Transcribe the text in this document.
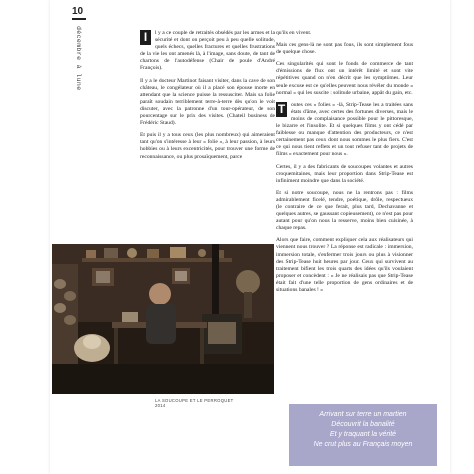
10
décembre à lune	I	l y a ce couple de retraités obsédés par les armes et la sécurité et dont on perçoit peu à peu quelle solitude, quels échecs, quelles fractures et quelles frustrations de la vie les ont amenés là, à l'image, sans doute, de tant de chartons de l'autodéfense (Chair de poule d'André François).

Il y a le docteur Martinot faisant visiter, dans la cave de son château, le congélateur où il a placé son épouse morte en attendant que la science puisse la ressusciter. Mais sa folie paraît soudain terriblement terre-à-terre dès qu'on le voit discuter, avec la patronne d'un tour-opérateur, de son pourcentage sur le prix des visites. (Chateil business de Frédéric Staud).

Et puis il y a tous ceux (les plus nombreux) qui aimeraient tant qu'on s'intéresse à leur « folie », à leur passion, à leurs hobbies ou à leurs excentricités, pour trouver une forme de reconnaissance, ou plus prosaïquement, parce

qu'ils en vivent.

Mais ces gens-là ne sont pas fous, ils sont simplement fous de quelque chose.

Ces singularités qui sont le fonds de commerce de tant d'émissions de flux ont un intérêt limité et sont vite répétitives quand on n'en décrit que les symptômes. Leur seule excuse est ce qu'elles peuvent nous révéler du monde « normal » qui les suscite : solitude urbaine, appât du gain, etc.

T	outes ces « folies » -là, Strip-Tease les a traitées sans états d'âme, avec certes des fortunes diverses, mais le moins de complaisance possible pour le pittoresque, le bizarre et l'insolite. Et si quelques films y ont cédé par faiblesse ou manque d'attention des producteurs, ce n'est certainement pas ceux dont nous sommes le plus fiers. C'est ce qui nous tient reflets et un tout refuser tant de projets de films « exactement pour nous ».

Certes, il y a des fabricants de soucoupes volantes et autres croquemitaines, mais leur proportion dans Strip-Tease est infiniment moindre que dans la société.

Et si notre soucoupe, nous ne la rentrons pas : films admirablement ficelé, tendre, poétique, drôle, respectueux (le contraire de ce que ferait, plus tard, Dechavanne et quelques autres, se gaussant copieusement), ce n'est pas pour autant pour qu'on nous la resserve, moins bien cuisinée, à chaque repas.

Alors que faire, comment expliquer cela aux réalisateurs qui viennent nous trouver ? La réponse est radicale : immersion, immersion totale, s'enfermer trois jours ou plus à visionner des Strip-Tease huit heures par jour. Ceux qui survivent au traitement bifient les trois quarts des idées qu'ils voulaient proposer et concèdent : « Je ne réalisais pas que Strip-Tease était fait d'une telle proportion de gens ordinaires et de situations banales ! »

LA SOUCOUPE ET LE PERROQUET
2014
Arrivant sur terre un martien
Découvrit la banalité
Et y traquant la vérité
Ne crut plus au Français moyen
